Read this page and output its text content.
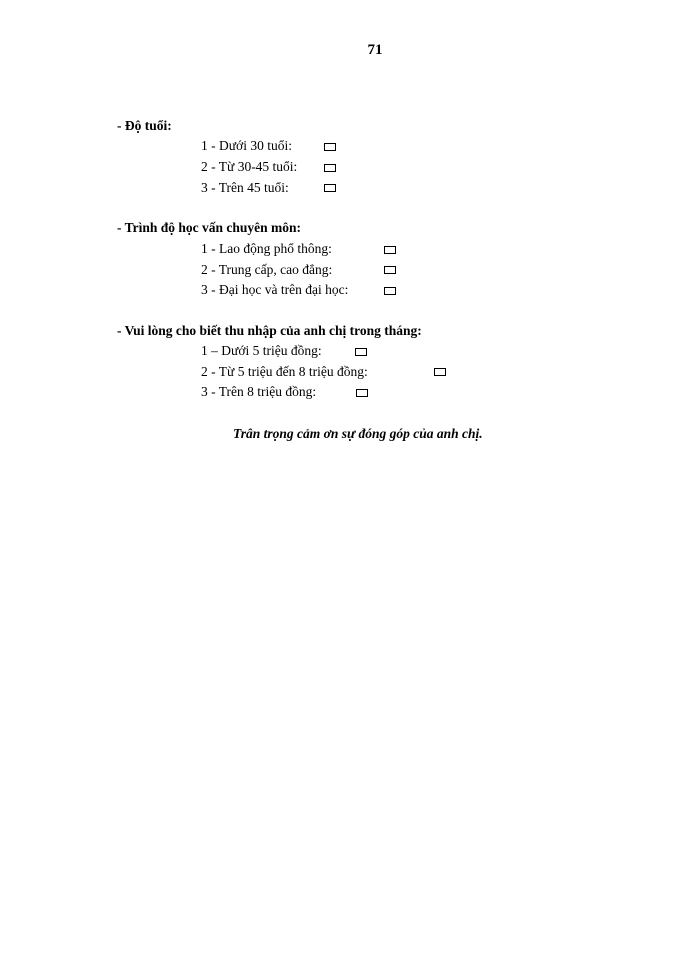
71
- Độ tuổi:
1 - Dưới 30 tuổi:
2 - Từ 30-45 tuổi:
3 - Trên 45 tuổi:
- Trình độ học vấn chuyên môn:
1 - Lao động phổ thông:
2 - Trung cấp, cao đẳng:
3 - Đại học và trên đại học:
- Vui lòng cho biết thu nhập của anh chị trong tháng:
1 – Dưới 5 triệu đồng:
2 - Từ 5 triệu đến 8 triệu đồng:
3 - Trên 8 triệu đồng:
Trân trọng cảm ơn sự đóng góp của anh chị.
